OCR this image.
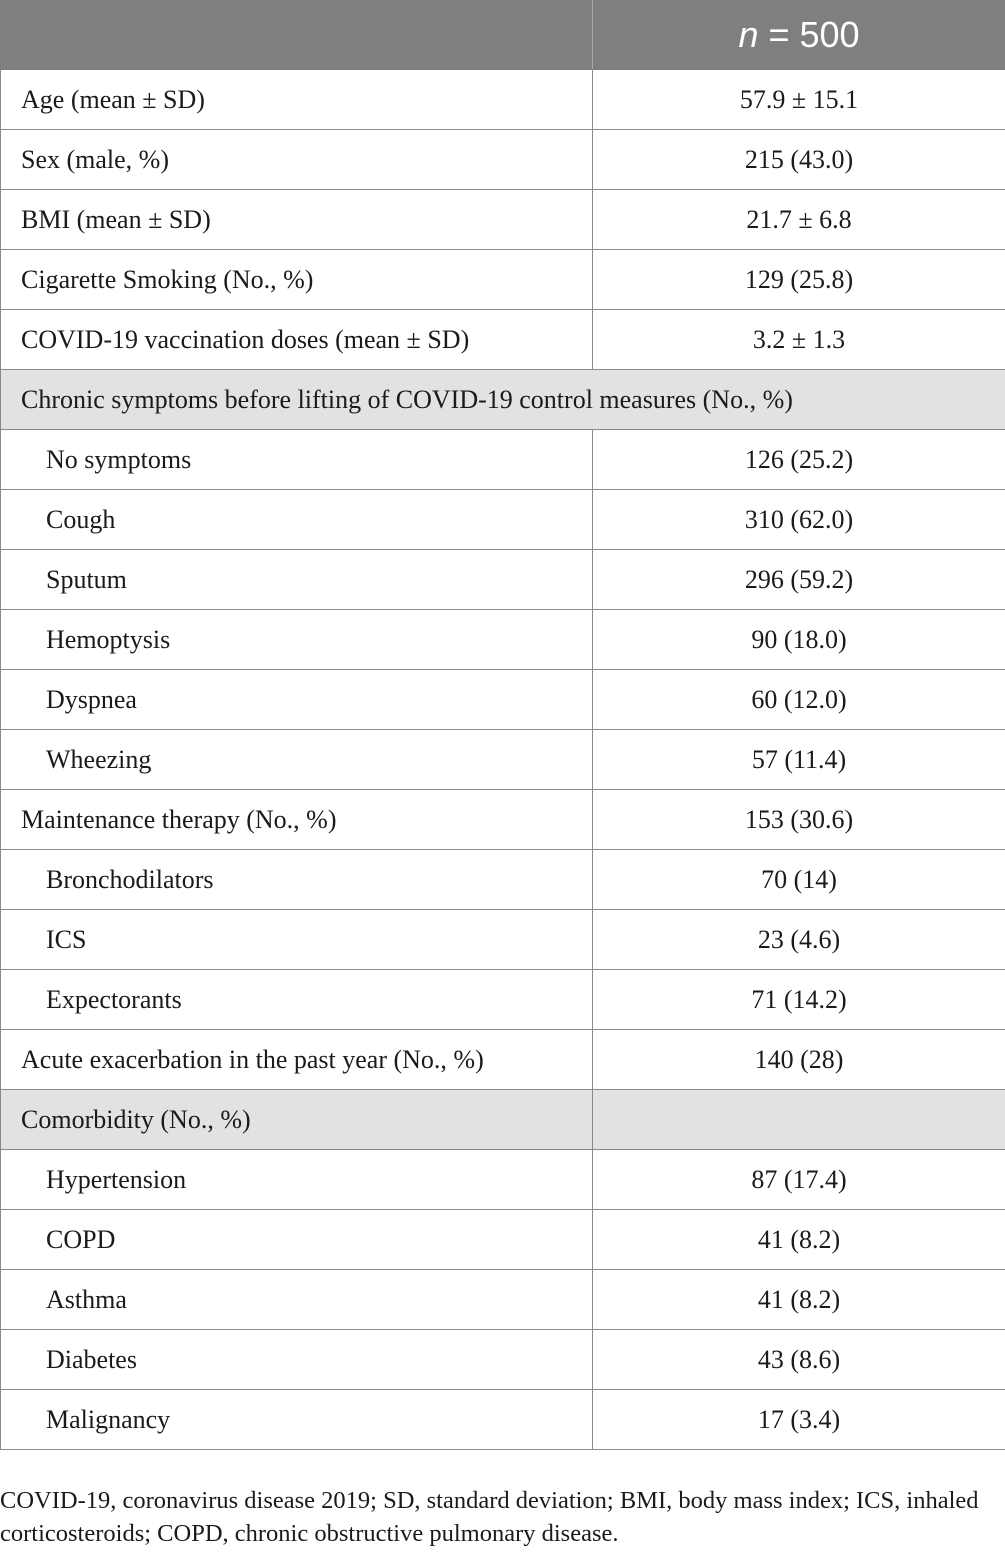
	n = 500
Age (mean ± SD)	57.9 ± 15.1
Sex (male, %)	215 (43.0)
BMI (mean ± SD)	21.7 ± 6.8
Cigarette Smoking (No., %)	129 (25.8)
COVID-19 vaccination doses (mean ± SD)	3.2 ± 1.3
Chronic symptoms before lifting of COVID-19 control measures (No., %)	
No symptoms	126 (25.2)
Cough	310 (62.0)
Sputum	296 (59.2)
Hemoptysis	90 (18.0)
Dyspnea	60 (12.0)
Wheezing	57 (11.4)
Maintenance therapy (No., %)	153 (30.6)
Bronchodilators	70 (14)
ICS	23 (4.6)
Expectorants	71 (14.2)
Acute exacerbation in the past year (No., %)	140 (28)
Comorbidity (No., %)	
Hypertension	87 (17.4)
COPD	41 (8.2)
Asthma	41 (8.2)
Diabetes	43 (8.6)
Malignancy	17 (3.4)

COVID-19, coronavirus disease 2019; SD, standard deviation; BMI, body mass index; ICS, inhaled corticosteroids; COPD, chronic obstructive pulmonary disease.
